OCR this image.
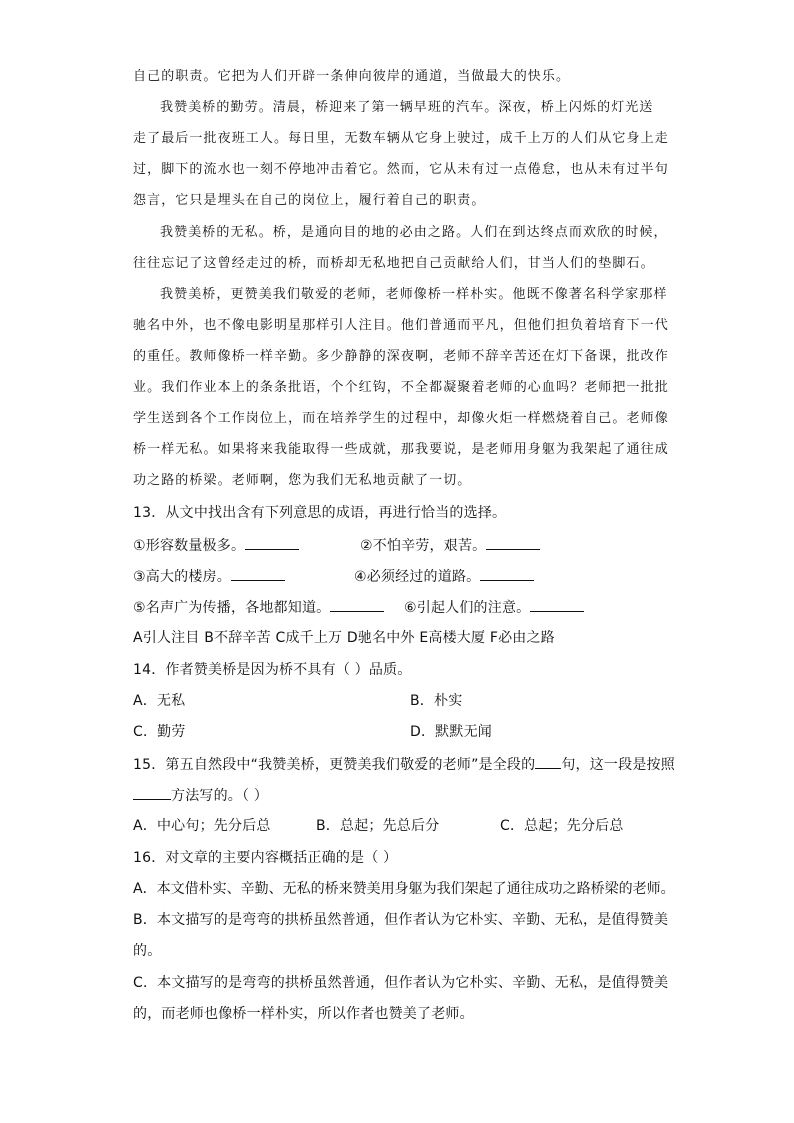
自己的职责。它把为人们开辟一条伸向彼岸的通道，当做最大的快乐。
我赞美桥的勤劳。清晨，桥迎来了第一辆早班的汽车。深夜，桥上闪烁的灯光送
走了最后一批夜班工人。每日里，无数车辆从它身上驶过，成千上万的人们从它身上走
过，脚下的流水也一刻不停地冲击着它。然而，它从未有过一点倦怠，也从未有过半句
怨言，它只是埋头在自己的岗位上，履行着自己的职责。
我赞美桥的无私。桥，是通向目的地的必由之路。人们在到达终点而欢欣的时候，
往往忘记了这曾经走过的桥，而桥却无私地把自己贡献给人们，甘当人们的垫脚石。
我赞美桥，更赞美我们敬爱的老师，老师像桥一样朴实。他既不像著名科学家那样
驰名中外，也不像电影明星那样引人注目。他们普通而平凡，但他们担负着培育下一代
的重任。教师像桥一样辛勤。多少静静的深夜啊，老师不辞辛苦还在灯下备课，批改作
业。我们作业本上的条条批语，个个红钩，不全都凝聚着老师的心血吗？老师把一批批
学生送到各个工作岗位上，而在培养学生的过程中，却像火炬一样燃烧着自己。老师像
桥一样无私。如果将来我能取得一些成就，那我要说，是老师用身躯为我架起了通往成
功之路的桥梁。老师啊，您为我们无私地贡献了一切。
13．从文中找出含有下列意思的成语，再进行恰当的选择。
①形容数量极多。	②不怕辛劳，艰苦。
③高大的楼房。	④必须经过的道路。
⑤名声广为传播，各地都知道。	⑥引起人们的注意。
A引人注目 B不辞辛苦 C成千上万 D驰名中外 E高楼大厦 F必由之路
14．作者赞美桥是因为桥不具有（ ）品质。
A．无私	B．朴实
C．勤劳	D．默默无闻
15．第五自然段中“我赞美桥，更赞美我们敬爱的老师”是全段的 句，这一段是按照
方法写的。（ ）
A．中心句；先分后总	B．总起；先总后分	C．总起；先分后总
16．对文章的主要内容概括正确的是（ ）
A．本文借朴实、辛勤、无私的桥来赞美用身躯为我们架起了通往成功之路桥梁的老师。
B．本文描写的是弯弯的拱桥虽然普通，但作者认为它朴实、辛勤、无私，是值得赞美
的。
C．本文描写的是弯弯的拱桥虽然普通，但作者认为它朴实、辛勤、无私，是值得赞美
的，而老师也像桥一样朴实，所以作者也赞美了老师。
